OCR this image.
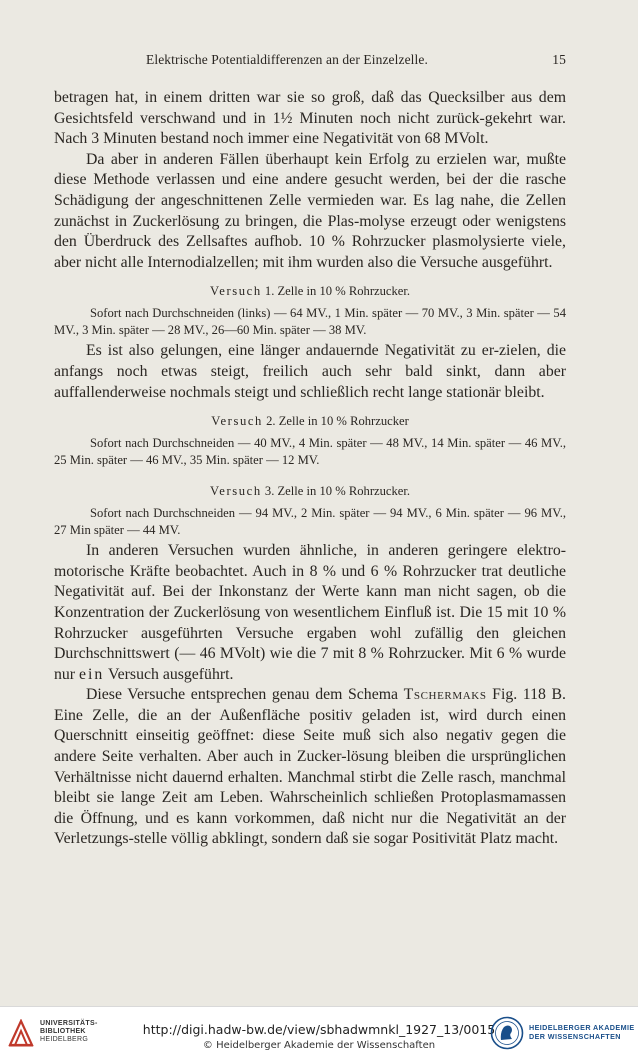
Elektrische Potentialdifferenzen an der Einzelzelle.	15

betragen hat, in einem dritten war sie so groß, daß das Quecksilber aus dem Gesichtsfeld verschwand und in 1½ Minuten noch nicht zurück-gekehrt war. Nach 3 Minuten bestand noch immer eine Negativität von 68 MVolt.

Da aber in anderen Fällen überhaupt kein Erfolg zu erzielen war, mußte diese Methode verlassen und eine andere gesucht werden, bei der die rasche Schädigung der angeschnittenen Zelle vermieden war. Es lag nahe, die Zellen zunächst in Zuckerlösung zu bringen, die Plas-molyse erzeugt oder wenigstens den Überdruck des Zellsaftes aufhob. 10 % Rohrzucker plasmolysierte viele, aber nicht alle Internodialzellen; mit ihm wurden also die Versuche ausgeführt.

Versuch 1. Zelle in 10 % Rohrzucker.

Sofort nach Durchschneiden (links) — 64 MV., 1 Min. später — 70 MV., 3 Min. später — 54 MV., 3 Min. später — 28 MV., 26—60 Min. später — 38 MV.

Es ist also gelungen, eine länger andauernde Negativität zu er-zielen, die anfangs noch etwas steigt, freilich auch sehr bald sinkt, dann aber auffallenderweise nochmals steigt und schließlich recht lange stationär bleibt.

Versuch 2. Zelle in 10 % Rohrzucker

Sofort nach Durchschneiden — 40 MV., 4 Min. später — 48 MV., 14 Min. später — 46 MV., 25 Min. später — 46 MV., 35 Min. später — 12 MV.

Versuch 3. Zelle in 10 % Rohrzucker.

Sofort nach Durchschneiden — 94 MV., 2 Min. später — 94 MV., 6 Min. später — 96 MV., 27 Min später — 44 MV.

In anderen Versuchen wurden ähnliche, in anderen geringere elektro-motorische Kräfte beobachtet. Auch in 8 % und 6 % Rohrzucker trat deutliche Negativität auf. Bei der Inkonstanz der Werte kann man nicht sagen, ob die Konzentration der Zuckerlösung von wesentlichem Einfluß ist. Die 15 mit 10 % Rohrzucker ausgeführten Versuche ergaben wohl zufällig den gleichen Durchschnittswert (— 46 MVolt) wie die 7 mit 8 % Rohrzucker. Mit 6 % wurde nur ein Versuch ausgeführt.

Diese Versuche entsprechen genau dem Schema Tschermaks Fig. 118 B. Eine Zelle, die an der Außenfläche positiv geladen ist, wird durch einen Querschnitt einseitig geöffnet: diese Seite muß sich also negativ gegen die andere Seite verhalten. Aber auch in Zucker-lösung bleiben die ursprünglichen Verhältnisse nicht dauernd erhalten. Manchmal stirbt die Zelle rasch, manchmal bleibt sie lange Zeit am Leben. Wahrscheinlich schließen Protoplasmamassen die Öffnung, und es kann vorkommen, daß nicht nur die Negativität an der Verletzungs-stelle völlig abklingt, sondern daß sie sogar Positivität Platz macht.

UNIVERSITÄTS-
BIBLIOTHEK
HEIDELBERG
http://digi.hadw-bw.de/view/sbhadwmnkl_1927_13/0015
© Heidelberger Akademie der Wissenschaften
HEIDELBERGER AKADEMIE
DER WISSENSCHAFTEN
